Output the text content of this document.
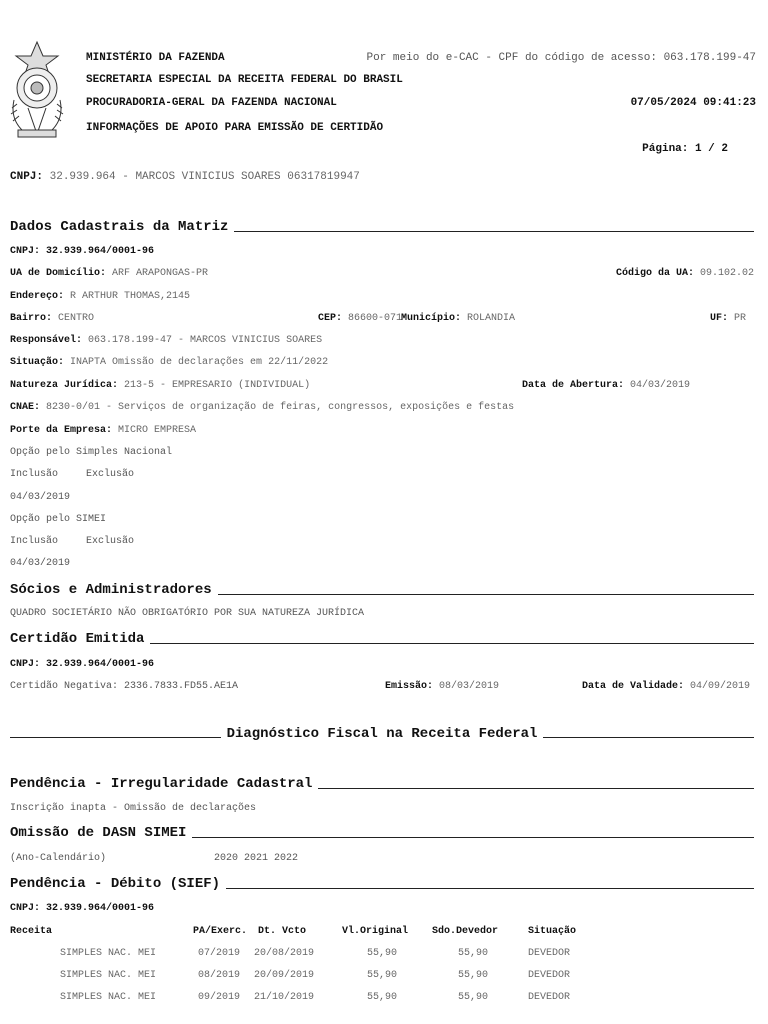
MINISTÉRIO DA FAZENDA
SECRETARIA ESPECIAL DA RECEITA FEDERAL DO BRASIL
PROCURADORIA-GERAL DA FAZENDA NACIONAL
INFORMAÇÕES DE APOIO PARA EMISSÃO DE CERTIDÃO
Por meio do e-CAC - CPF do código de acesso: 063.178.199-47
07/05/2024 09:41:23
Página: 1 / 2
CNPJ: 32.939.964 - MARCOS VINICIUS SOARES 06317819947
Dados Cadastrais da Matriz
CNPJ: 32.939.964/0001-96
UA de Domicílio: ARF ARAPONGAS-PR	Código da UA: 09.102.02
Endereço: R ARTHUR THOMAS,2145
Bairro: CENTRO	CEP: 86600-071
Município: ROLANDIA	UF: PR
Responsável: 063.178.199-47 - MARCOS VINICIUS SOARES
Situação: INAPTA Omissão de declarações em 22/11/2022
Natureza Jurídica: 213-5 - EMPRESARIO (INDIVIDUAL)	Data de Abertura: 04/03/2019
CNAE: 8230-0/01 - Serviços de organização de feiras, congressos, exposições e festas
Porte da Empresa: MICRO EMPRESA
Opção pelo Simples Nacional
Inclusão	Exclusão
04/03/2019
Opção pelo SIMEI
Inclusão	Exclusão
04/03/2019
Sócios e Administradores
QUADRO SOCIETÁRIO NÃO OBRIGATÓRIO POR SUA NATUREZA JURÍDICA
Certidão Emitida
CNPJ: 32.939.964/0001-96
Certidão Negativa: 2336.7833.FD55.AE1A	Emissão: 08/03/2019	Data de Validade: 04/09/2019
Diagnóstico Fiscal na Receita Federal
Pendência - Irregularidade Cadastral
Inscrição inapta - Omissão de declarações
Omissão de DASN SIMEI
(Ano-Calendário)	2020 2021 2022
Pendência - Débito (SIEF)
CNPJ: 32.939.964/0001-96
Receita	PA/Exerc. Dt. Vcto	Vl.Original Sdo.Devedor	Situação
SIMPLES NAC. MEI	07/2019 20/08/2019	55,90	55,90	DEVEDOR
SIMPLES NAC. MEI	08/2019 20/09/2019	55,90	55,90	DEVEDOR
SIMPLES NAC. MEI	09/2019 21/10/2019	55,90	55,90	DEVEDOR
